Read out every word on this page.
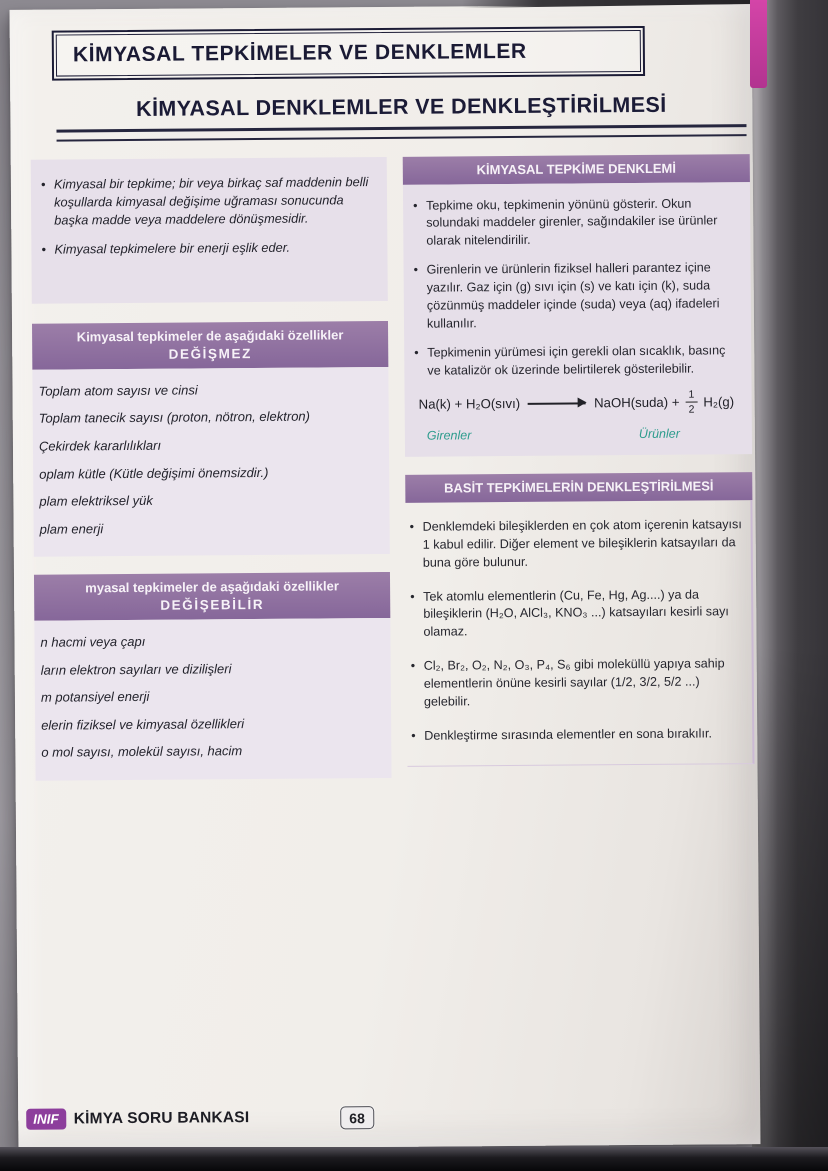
KİMYASAL TEPKİMELER VE DENKLEMLER
KİMYASAL DENKLEMLER VE DENKLEŞTİRİLMESİ
• Kimyasal bir tepkime; bir veya birkaç saf maddenin belli koşullarda kimyasal değişime uğraması sonucunda başka madde veya maddelere dönüşmesidir.
• Kimyasal tepkimelere bir enerji eşlik eder.
Kimyasal tepkimeler de aşağıdaki özellikler
DEĞİŞMEZ
Toplam atom sayısı ve cinsi
Toplam tanecik sayısı (proton, nötron, elektron)
Çekirdek kararlılıkları
oplam kütle (Kütle değişimi önemsizdir.)
plam elektriksel yük
plam enerji
myasal tepkimeler de aşağıdaki özellikler
DEĞİŞEBİLİR
n hacmi veya çapı
ların elektron sayıları ve dizilişleri
m potansiyel enerji
elerin fiziksel ve kimyasal özellikleri
o mol sayısı, molekül sayısı, hacim
KİMYASAL TEPKİME DENKLEMİ
• Tepkime oku, tepkimenin yönünü gösterir. Okun solundaki maddeler girenler, sağındakiler ise ürünler olarak nitelendirilir.
• Girenlerin ve ürünlerin fiziksel halleri parantez içine yazılır. Gaz için (g) sıvı için (s) ve katı için (k), suda çözünmüş maddeler içinde (suda) veya (aq) ifadeleri kullanılır.
• Tepkimenin yürümesi için gerekli olan sıcaklık, basınç ve katalizör ok üzerinde belirtilerek gösterilebilir.
Na(k) + H₂O(sıvı)	NaOH(suda) + $\frac{1}{2} H_2(g)$
Girenler	Ürünler
BASİT TEPKİMELERİN DENKLEŞTİRİLMESİ
• Denklemdeki bileşiklerden en çok atom içerenin katsayısı 1 kabul edilir. Diğer element ve bileşiklerin katsayıları da buna göre bulunur.
• Tek atomlu elementlerin (Cu, Fe, Hg, Ag....) ya da bileşiklerin (H₂O, AlCl₃, KNO₃ ...) katsayıları kesirli sayı olamaz.
• Cl₂, Br₂, O₂, N₂, O₃, P₄, S₆ gibi moleküllü yapıya sahip elementlerin önüne kesirli sayılar (1/2, 3/2, 5/2 ...) gelebilir.
• Denkleştirme sırasında elementler en sona bırakılır.
INIF KİMYA SORU BANKASI	68
